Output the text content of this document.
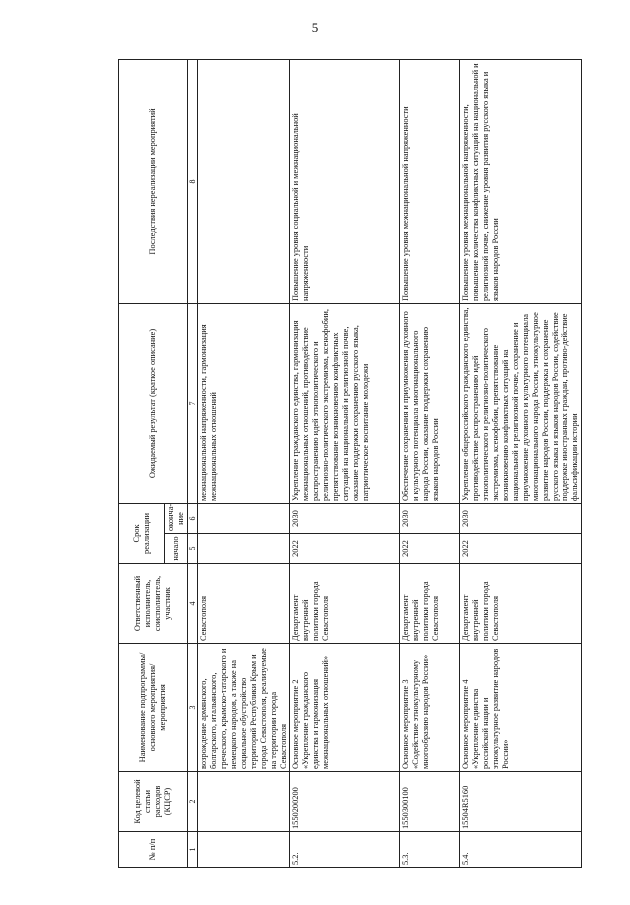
5
№ п/п	Код целевой статьи расходов (КЦСР)	Наименование подпрограммы/ основного мероприятия/ мероприятия	Ответственный исполнитель, соисполнитель, участник	Срок реализации		Ожидаемый результат (краткое описание)	Последствия нереализации мероприятий
				начало	оконча-ние		
1	2	3	4	5	6	7	8
		возрождение армянского, болгарского, итальянского, греческого, крымско-татарского и немецкого народов, а также на социальное обустройство территорий Республики Крым и города Севастополя, реализуемые на территории города Севастополя	Севастополя			межнациональной напряженности, гармонизация межнациональных отношений	
5.2.	1550200200	Основное мероприятие 2 «Укрепление гражданского единства и гармонизация межнациональных отношений»	Департамент внутренней политики города Севастополя	2022	2030	Укрепление гражданского единства, гармонизация межнациональных отношений, противодействие распространению идей этнополитического и религиозно-политического экстремизма, ксенофобии, препятствование возникновению конфликтных ситуаций на национальной и религиозной почве, оказание поддержки сохранению русского языка, патриотическое воспитание молодежи	Повышение уровня социальной и межнациональной напряженности
5.3.	1550300100	Основное мероприятие 3 «Содействие этнокультурному многообразию народов России»	Департамент внутренней политики города Севастополя	2022	2030	Обеспечение сохранения и приумножения духовного и культурного потенциала многонационального народа России, оказание поддержки сохранению языков народов России	Повышение уровня межнациональной напряженности
5.4.	15504R5160	Основное мероприятие 4 «Укрепление единства российской нации и этнокультурное развитие народов России»	Департамент внутренней политики города Севастополя	2022	2030	Укрепление общероссийского гражданского единства, противодействие распространению идей этнополитического и религиозно-политического экстремизма, ксенофобии, препятствование возникновению конфликтных ситуаций на национальной и религиозной почве, сохранение и приумножение духовного и культурного потенциала многонационального народа России, этнокультурное развитие народов России, поддержка и сохранение русского языка и языков народов России, содействие поддержке иностранных граждан, противо-действие фальсификации истории	Повышение уровня межнациональной напряженности, повышение количества конфликтных ситуаций на национальной и религиозной почве, снижение уровня развития русского языка и языков народов России
